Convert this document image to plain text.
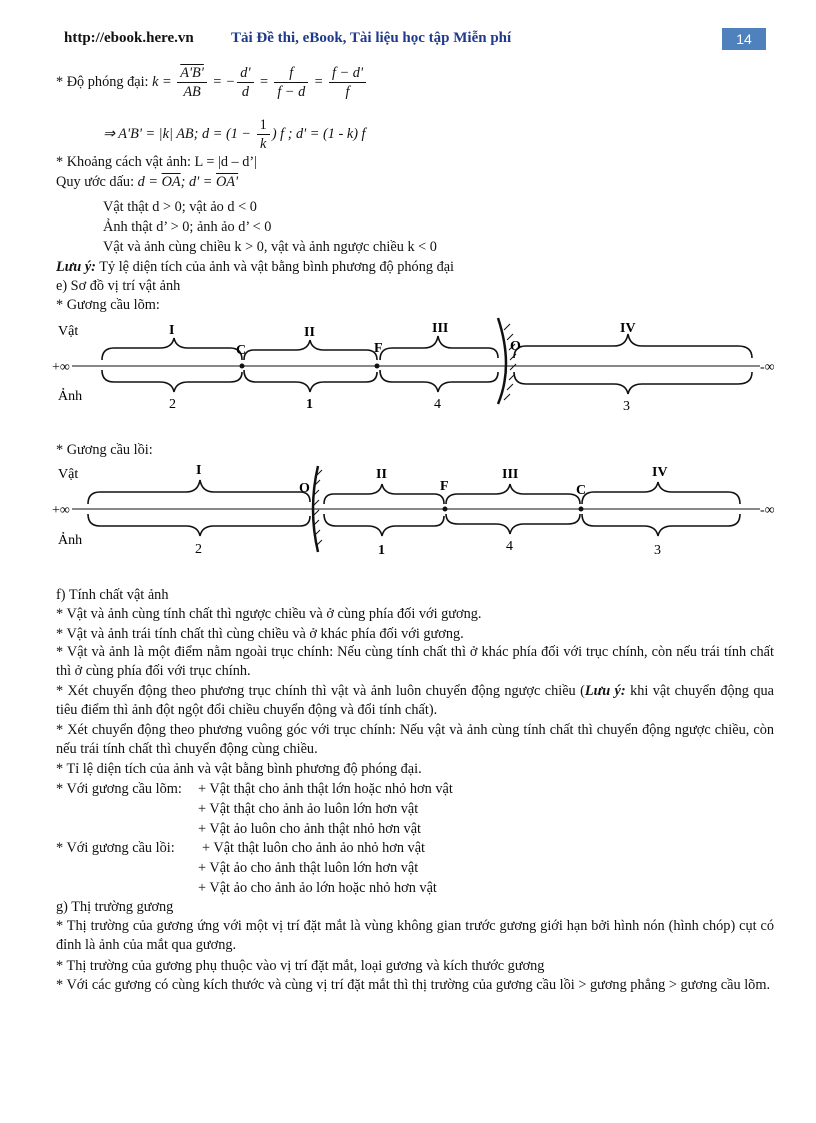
http://ebook.here.vn Tải Đề thi, eBook, Tài liệu học tập Miễn phí	14
* Độ phóng đại: $k = \frac{A'B'}{AB}$ = − $\frac{d'}{d} = \frac{f}{f - d} = \frac{f - d'}{f}$
⇒ A'B' = |k| AB; $d = (1 - \frac{1}{k}$ ) f ; d' = (1 - k) f
* Khoảng cách vật ảnh: L = |d – d’|
Quy ước dấu: $d = \overline{OA}$; d' = OA'
Vật thật d > 0; vật ảo d < 0
Ảnh thật d’ > 0; ảnh ảo d’ < 0
Vật và ảnh cùng chiều k > 0, vật và ảnh ngược chiều k < 0
Lưu ý: Tỷ lệ diện tích của ảnh và vật bằng bình phương độ phóng đại
e) Sơ đồ vị trí vật ảnh
* Gương cầu lõm:
Vật
Ảnh
+∞	-∞
C	F	O
I	II	III	IV
2	1	4	3
* Gương cầu lồi:
Vật
Ảnh
+∞	-∞
O	F	C
I	II	III	IV
2	1	4	3
f) Tính chất vật ảnh
* Vật và ảnh cùng tính chất thì ngược chiều và ở cùng phía đối với gương.
* Vật và ảnh trái tính chất thì cùng chiều và ở khác phía đối với gương.
* Vật và ảnh là một điểm nằm ngoài trục chính: Nếu cùng tính chất thì ở khác phía đối với trục chính, còn nếu trái tính chất thì ở cùng phía đối với trục chính.
* Xét chuyển động theo phương trục chính thì vật và ảnh luôn chuyển động ngược chiều (Lưu ý: khi vật chuyển động qua tiêu điểm thì ảnh đột ngột đổi chiều chuyển động và đổi tính chất).
* Xét chuyển động theo phương vuông góc với trục chính: Nếu vật và ảnh cùng tính chất thì chuyển động ngược chiều, còn nếu trái tính chất thì chuyển động cùng chiều.
* Tỉ lệ diện tích của ảnh và vật bằng bình phương độ phóng đại.
* Với gương cầu lõm: + Vật thật cho ảnh thật lớn hoặc nhỏ hơn vật
+ Vật thật cho ảnh ảo luôn lớn hơn vật
+ Vật ảo luôn cho ảnh thật nhỏ hơn vật
* Với gương cầu lồi: + Vật thật luôn cho ảnh ảo nhỏ hơn vật
+ Vật ảo cho ảnh thật luôn lớn hơn vật
+ Vật ảo cho ảnh ảo lớn hoặc nhỏ hơn vật
g) Thị trường gương
* Thị trường của gương ứng với một vị trí đặt mắt là vùng không gian trước gương giới hạn bởi hình nón (hình chóp) cụt có đỉnh là ảnh của mắt qua gương.
* Thị trường của gương phụ thuộc vào vị trí đặt mắt, loại gương và kích thước gương
* Với các gương có cùng kích thước và cùng vị trí đặt mắt thì thị trường của gương cầu lồi > gương phẳng > gương cầu lõm.
